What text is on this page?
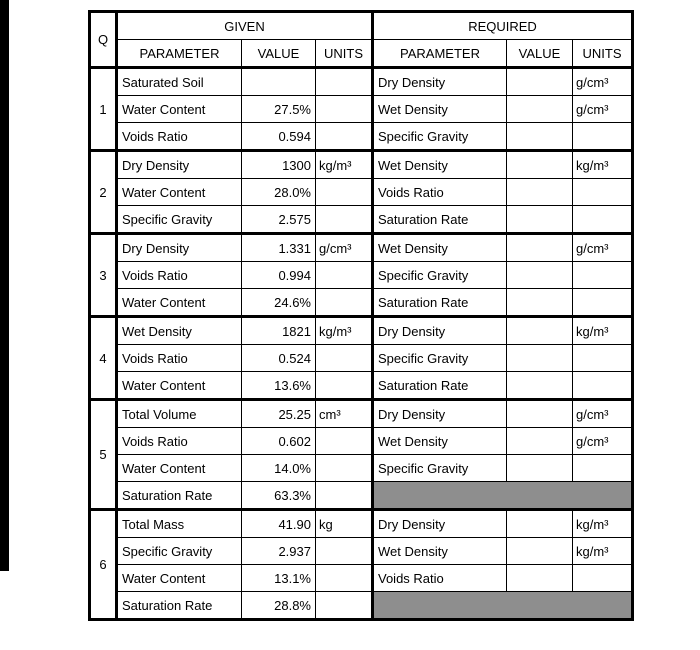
Q	GIVEN			REQUIRED		
	PARAMETER	VALUE	UNITS	PARAMETER	VALUE	UNITS
1	Saturated Soil			Dry Density		g/cm³
	Water Content	27.5%		Wet Density		g/cm³
	Voids Ratio	0.594		Specific Gravity		
2	Dry Density	1300	kg/m³	Wet Density		kg/m³
	Water Content	28.0%		Voids Ratio		
	Specific Gravity	2.575		Saturation Rate		
3	Dry Density	1.331	g/cm³	Wet Density		g/cm³
	Voids Ratio	0.994		Specific Gravity		
	Water Content	24.6%		Saturation Rate		
4	Wet Density	1821	kg/m³	Dry Density		kg/m³
	Voids Ratio	0.524		Specific Gravity		
	Water Content	13.6%		Saturation Rate		
5	Total Volume	25.25	cm³	Dry Density		g/cm³
	Voids Ratio	0.602		Wet Density		g/cm³
	Water Content	14.0%		Specific Gravity		
	Saturation Rate	63.3%				
6	Total Mass	41.90	kg	Dry Density		kg/m³
	Specific Gravity	2.937		Wet Density		kg/m³
	Water Content	13.1%		Voids Ratio		
	Saturation Rate	28.8%				
